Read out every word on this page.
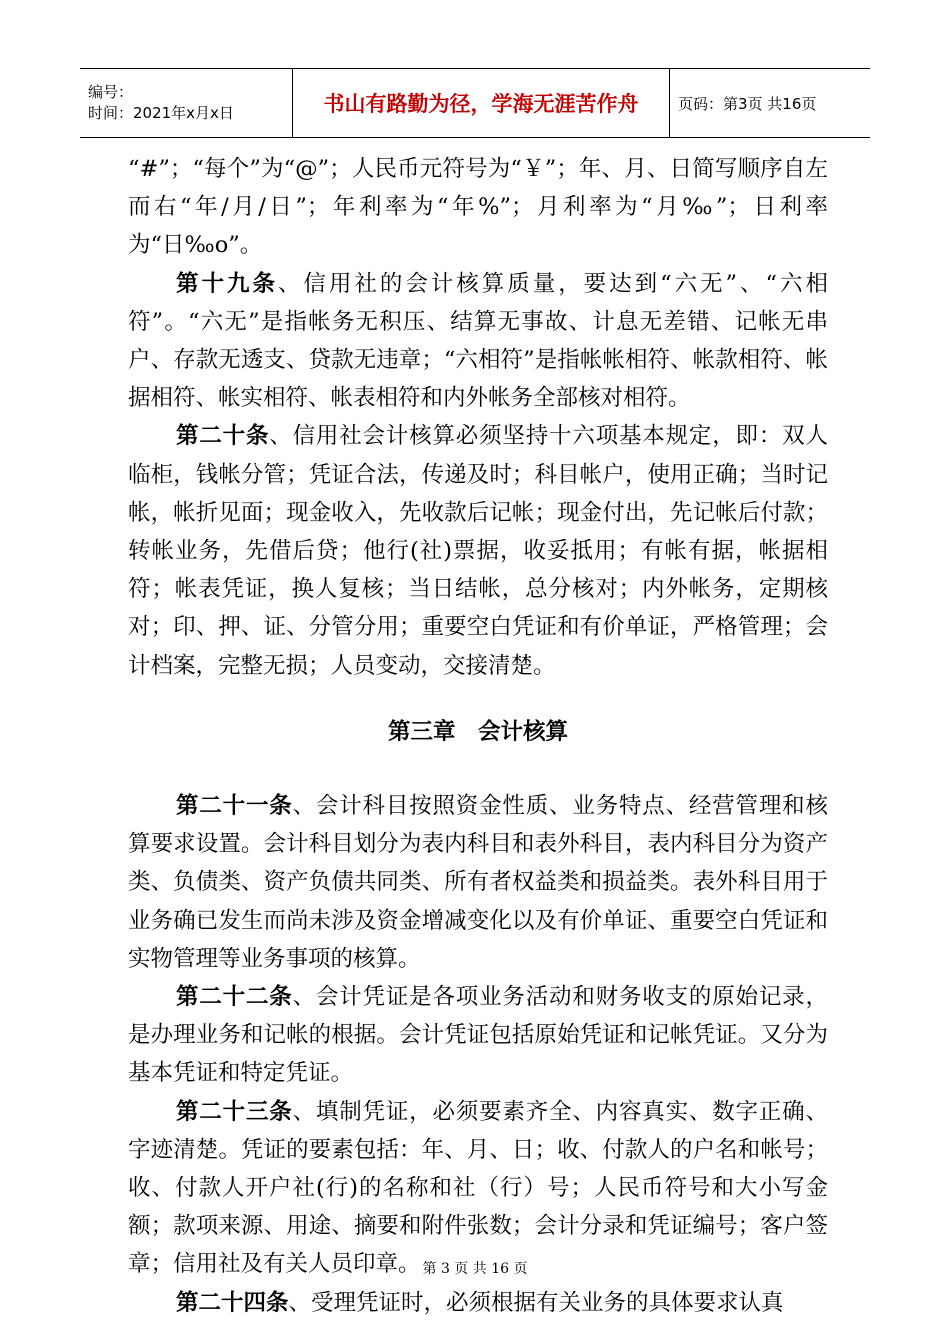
编号：
时间：2021年x月x日	书山有路勤为径，学海无涯苦作舟	页码：第3页 共16页

“#”；“每个”为“@”；人民币元符号为“￥”；年、月、日简写顺序自左而右“年/月/日”；年利率为“年%”；月利率为“月‰”；日利率为“日‰o”。

第十九条、信用社的会计核算质量，要达到“六无”、“六相符”。“六无”是指帐务无积压、结算无事故、计息无差错、记帐无串户、存款无透支、贷款无违章；“六相符”是指帐帐相符、帐款相符、帐据相符、帐实相符、帐表相符和内外帐务全部核对相符。

第二十条、信用社会计核算必须坚持十六项基本规定，即：双人临柜，钱帐分管；凭证合法，传递及时；科目帐户，使用正确；当时记帐，帐折见面；现金收入，先收款后记帐；现金付出，先记帐后付款；转帐业务，先借后贷；他行(社)票据，收妥抵用；有帐有据，帐据相符；帐表凭证，换人复核；当日结帐，总分核对；内外帐务，定期核对；印、押、证、分管分用；重要空白凭证和有价单证，严格管理；会计档案，完整无损；人员变动，交接清楚。

第三章　会计核算

第二十一条、会计科目按照资金性质、业务特点、经营管理和核算要求设置。会计科目划分为表内科目和表外科目，表内科目分为资产类、负债类、资产负债共同类、所有者权益类和损益类。表外科目用于业务确已发生而尚未涉及资金增减变化以及有价单证、重要空白凭证和实物管理等业务事项的核算。

第二十二条、会计凭证是各项业务活动和财务收支的原始记录，是办理业务和记帐的根据。会计凭证包括原始凭证和记帐凭证。又分为基本凭证和特定凭证。

第二十三条、填制凭证，必须要素齐全、内容真实、数字正确、字迹清楚。凭证的要素包括：年、月、日；收、付款人的户名和帐号；收、付款人开户社(行)的名称和社（行）号；人民币符号和大小写金额；款项来源、用途、摘要和附件张数；会计分录和凭证编号；客户签章；信用社及有关人员印章。

第二十四条、受理凭证时，必须根据有关业务的具体要求认真

第 3 页 共 16 页
